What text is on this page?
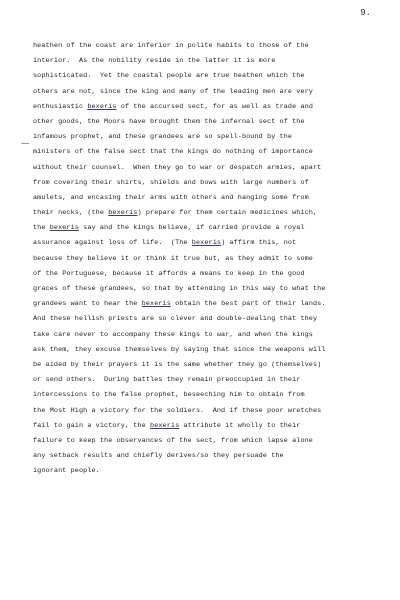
9.
heathen of the coast are inferior in polite habits to those of the
interior.  As the nobility reside in the latter it is more
sophisticated.  Yet the coastal people are true heathen which the
others are not, since the king and many of the leading men are very
enthusiastic bexeris of the accursed sect, for as well as trade and
other goods, the Moors have brought them the infernal sect of the
infamous prophet, and these grandees are so spell-bound by the
ministers of the false sect that the kings do nothing of importance
without their counsel.  When they go to war or despatch armies, apart
from covering their shirts, shields and bows with large numbers of
amulets, and encasing their arms with others and hanging some from
their necks, (the bexeris) prepare for them certain medicines which,
the bexeris say and the kings believe, if carried provide a royal
assurance against loss of life.  (The bexeris) affirm this, not
because they believe it or think it true but, as they admit to some
of the Portuguese, because it affords a means to keep in the good
graces of these grandees, so that by attending in this way to what the
grandees want to hear the bexeris obtain the best part of their lands.
And these hellish priests are so clever and double-dealing that they
take care never to accompany these kings to war, and when the kings
ask them, they excuse themselves by saying that since the weapons will
be aided by their prayers it is the same whether they go (themselves)
or send others.  During battles they remain preoccupied in their
intercessions to the false prophet, beseeching him to obtain from
the Most High a victory for the soldiers.  And if these poor wretches
fail to gain a victory, the bexeris attribute it wholly to their
failure to keep the observances of the sect, from which lapse alone
any setback results and chiefly derives/so they persuade the
ignorant people.
